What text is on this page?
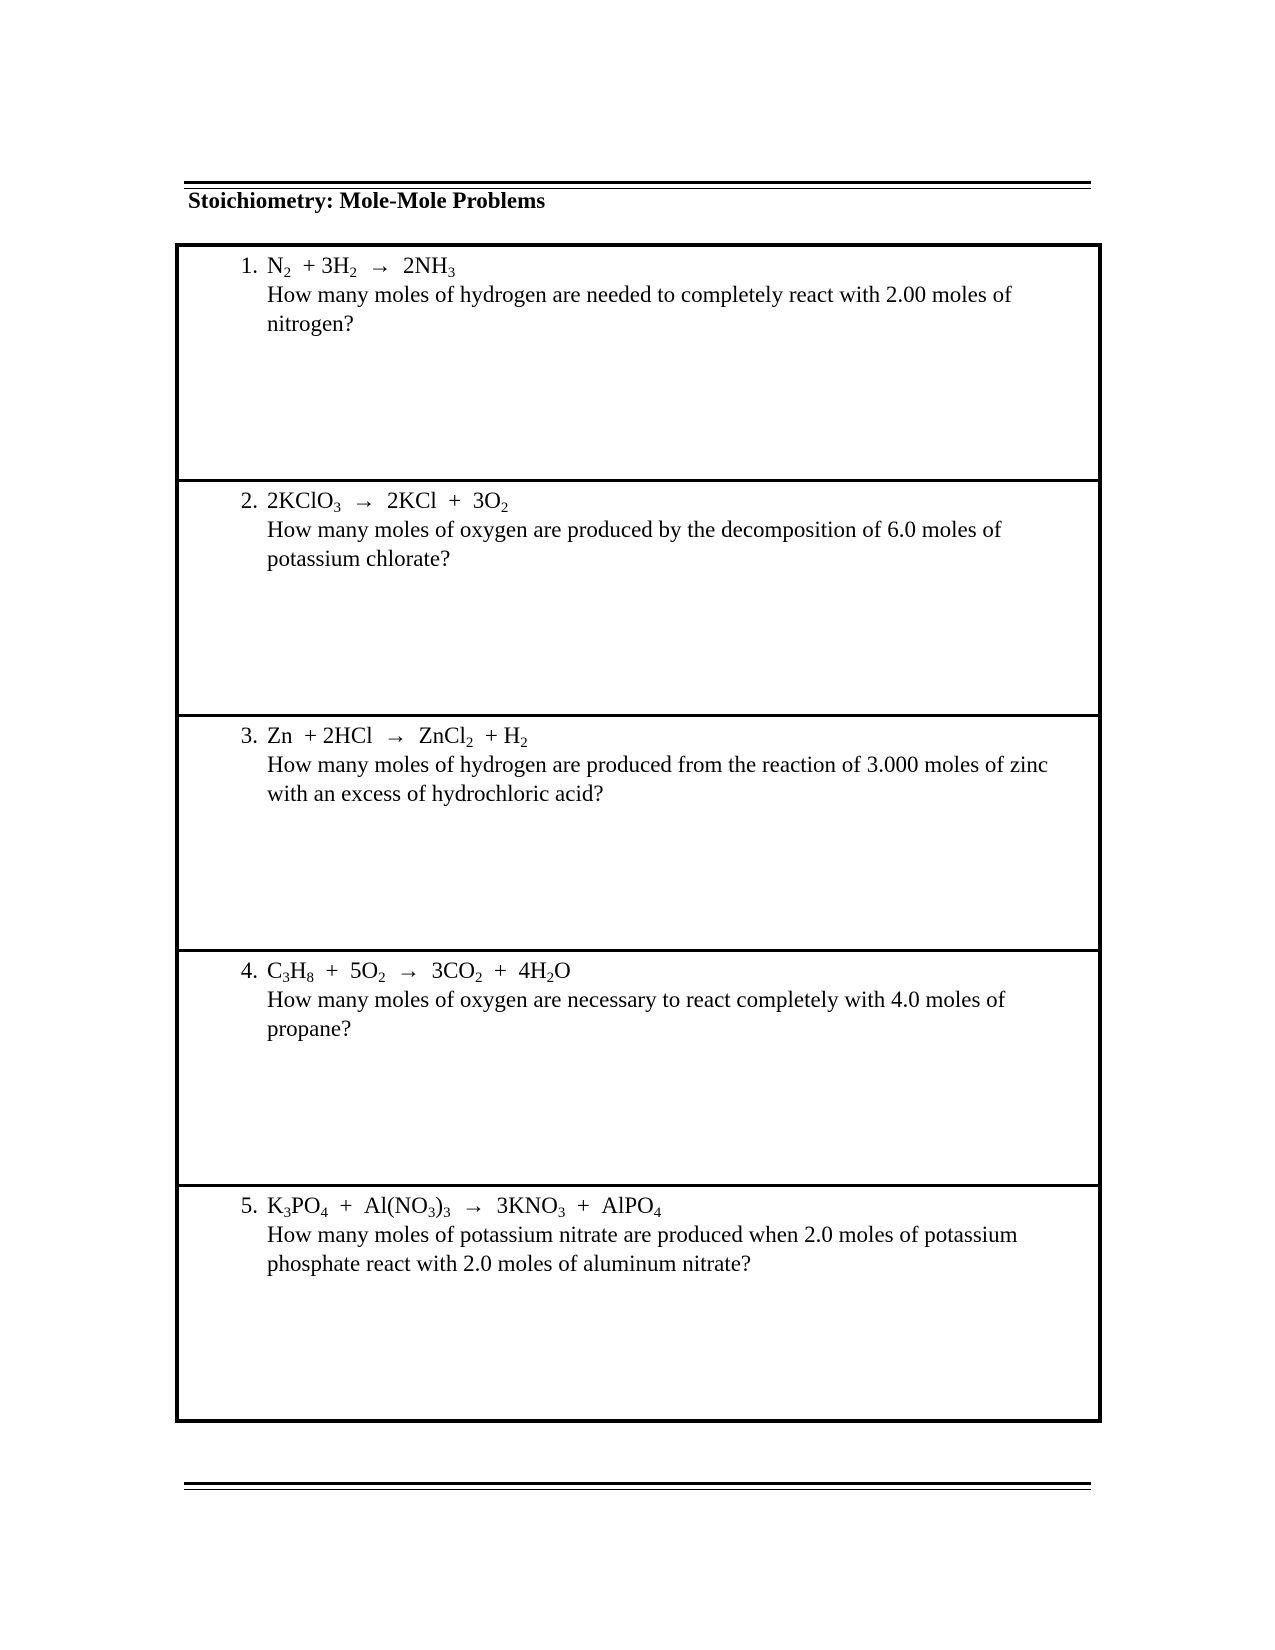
Stoichiometry: Mole-Mole Problems
1. $N_2 + 3H_2 \to 2NH_3$
How many moles of hydrogen are needed to completely react with 2.00 moles of nitrogen?
2. 2KClO$_3$  →  $2KCl + 3O_2$
How many moles of oxygen are produced by the decomposition of 6.0 moles of potassium chlorate?
3. Zn  + 2HCl  →  ZnCl$_2$  + $H_2$
How many moles of hydrogen are produced from the reaction of 3.000 moles of zinc with an excess of hydrochloric acid?
4. $C_3H_8 + 5O_2 \to 3CO_2 + 4H_2O$
How many moles of oxygen are necessary to react completely with 4.0 moles of propane?
5. $K_3PO_4 + Al(NO_3)_3 \to 3KNO_3$  +  AlPO$_4$
How many moles of potassium nitrate are produced when 2.0 moles of potassium phosphate react with 2.0 moles of aluminum nitrate?
